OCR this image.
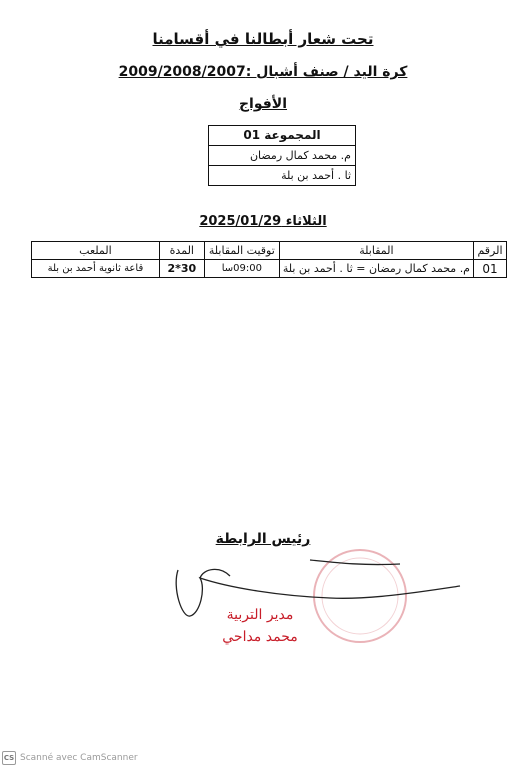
تحت شعار أبطالنا في أقسامنا
كرة اليد / صنف أشبال :2009/2008/2007
الأفواج
المجموعة 01
م. محمد كمال رمضان
ثا . أحمد بن بلة
الثلاثاء 2025/01/29
الرقم	المقابلة	توقيت المقابلة	المدة	الملعب
01	م. محمد كمال رمضان = ثا . أحمد بن بلة	09:00سا	30*2	قاعة ثانوية أحمد بن بلة
رئيس الرابطة
مدير التربية
محمد مداحي
CS Scanné avec CamScanner
